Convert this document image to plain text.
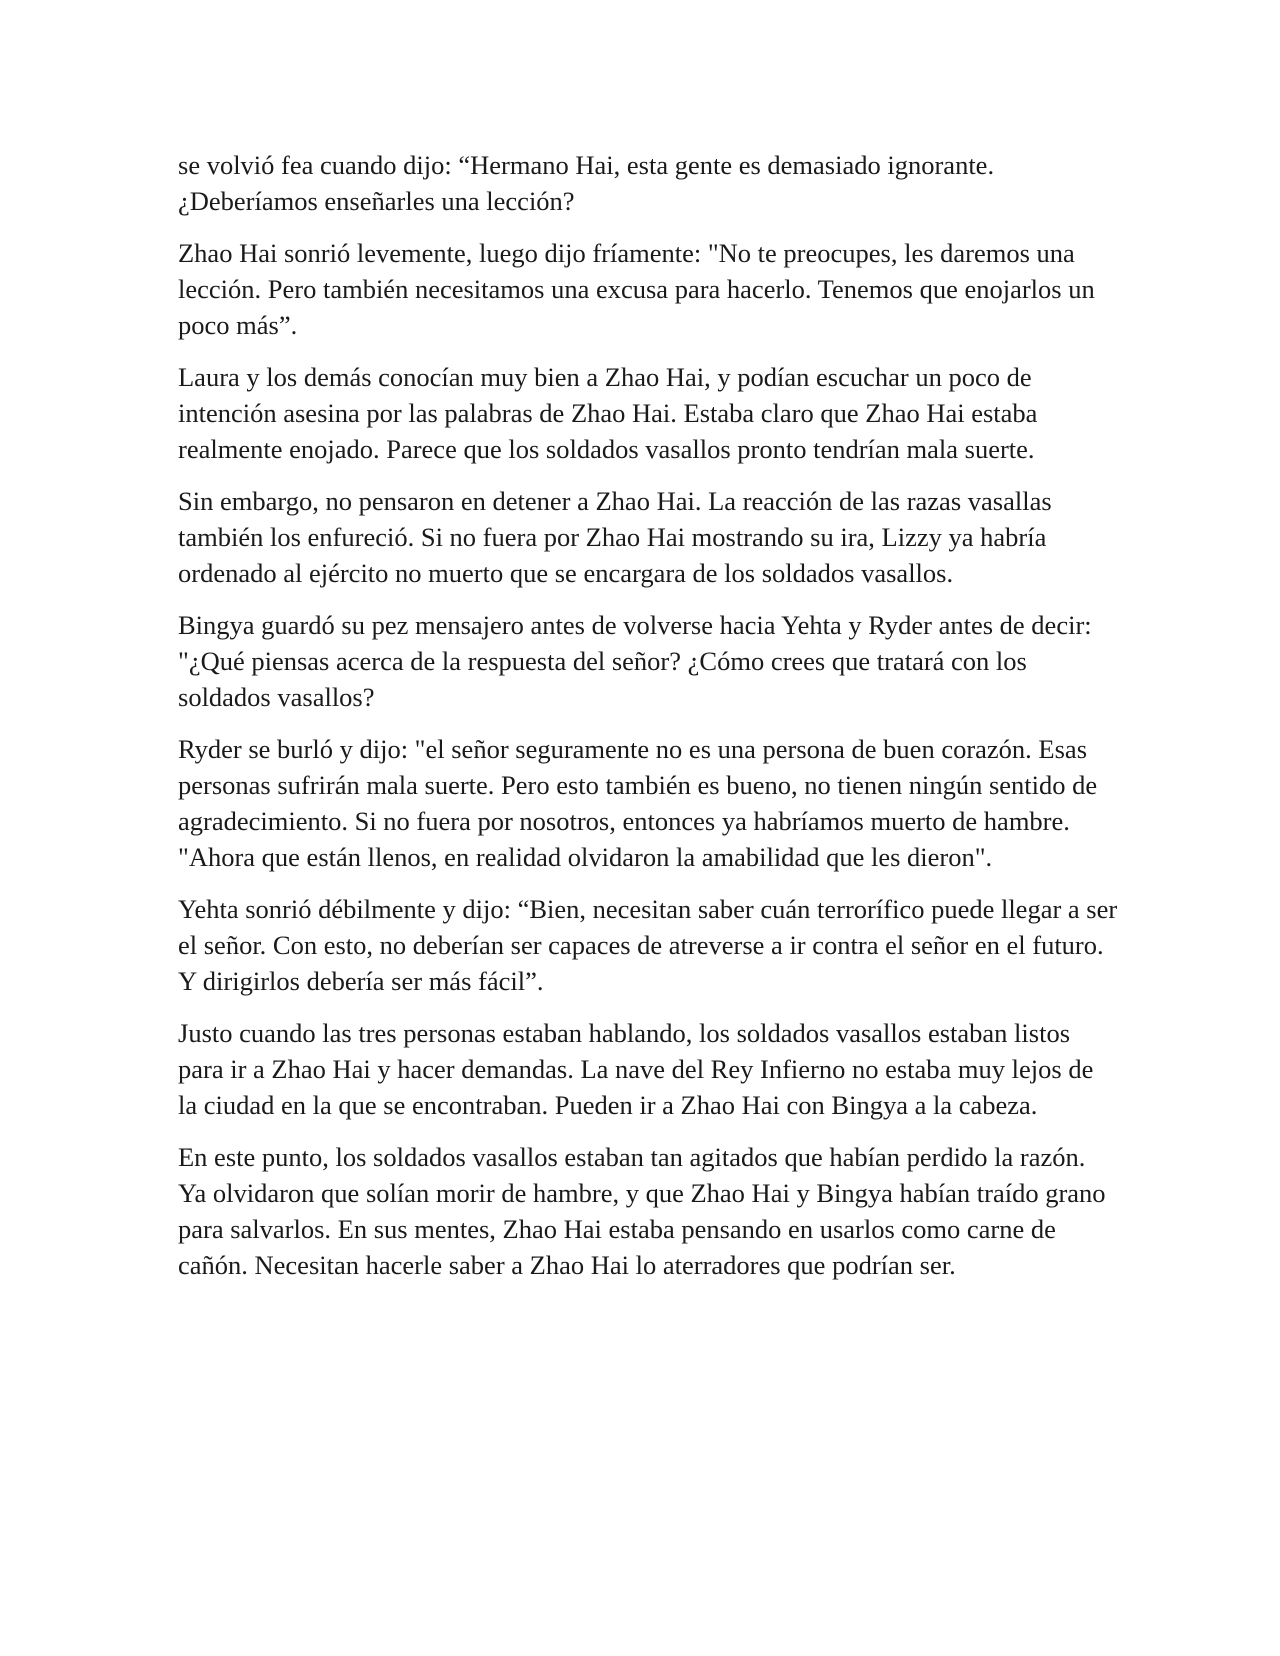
se volvió fea cuando dijo: “Hermano Hai, esta gente es demasiado ignorante. ¿Deberíamos enseñarles una lección?

Zhao Hai sonrió levemente, luego dijo fríamente: "No te preocupes, les daremos una lección. Pero también necesitamos una excusa para hacerlo. Tenemos que enojarlos un poco más”.

Laura y los demás conocían muy bien a Zhao Hai, y podían escuchar un poco de intención asesina por las palabras de Zhao Hai. Estaba claro que Zhao Hai estaba realmente enojado. Parece que los soldados vasallos pronto tendrían mala suerte.

Sin embargo, no pensaron en detener a Zhao Hai. La reacción de las razas vasallas también los enfureció. Si no fuera por Zhao Hai mostrando su ira, Lizzy ya habría ordenado al ejército no muerto que se encargara de los soldados vasallos.

Bingya guardó su pez mensajero antes de volverse hacia Yehta y Ryder antes de decir: "¿Qué piensas acerca de la respuesta del señor? ¿Cómo crees que tratará con los soldados vasallos?

Ryder se burló y dijo: "el señor seguramente no es una persona de buen corazón. Esas personas sufrirán mala suerte. Pero esto también es bueno, no tienen ningún sentido de agradecimiento. Si no fuera por nosotros, entonces ya habríamos muerto de hambre. "Ahora que están llenos, en realidad olvidaron la amabilidad que les dieron".

Yehta sonrió débilmente y dijo: “Bien, necesitan saber cuán terrorífico puede llegar a ser el señor. Con esto, no deberían ser capaces de atreverse a ir contra el señor en el futuro. Y dirigirlos debería ser más fácil”.

Justo cuando las tres personas estaban hablando, los soldados vasallos estaban listos para ir a Zhao Hai y hacer demandas. La nave del Rey Infierno no estaba muy lejos de la ciudad en la que se encontraban. Pueden ir a Zhao Hai con Bingya a la cabeza.

En este punto, los soldados vasallos estaban tan agitados que habían perdido la razón. Ya olvidaron que solían morir de hambre, y que Zhao Hai y Bingya habían traído grano para salvarlos. En sus mentes, Zhao Hai estaba pensando en usarlos como carne de cañón. Necesitan hacerle saber a Zhao Hai lo aterradores que podrían ser.
